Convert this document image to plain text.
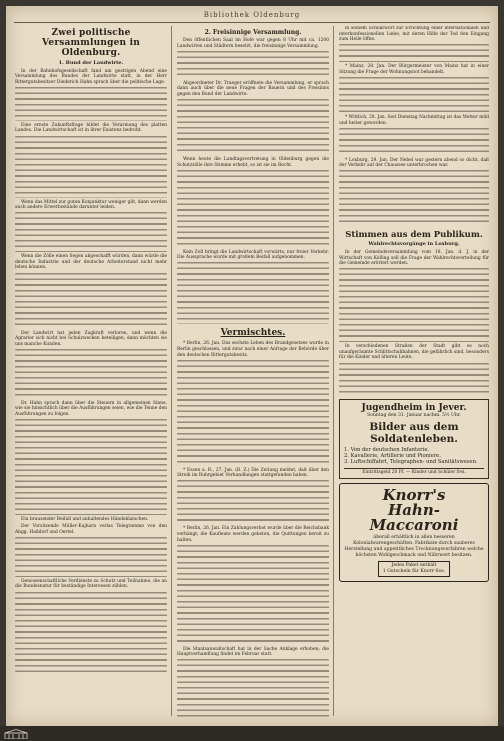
Bibliothek Oldenburg
Zwei politische Versammlungen in Oldenburg.
1. Bund der Landwirte.

In der Bahnhofsgesellschaft fand am gestrigen Abend eine Versammlung des Bundes der Landwirte statt, in der Herr Rittergutsbesitzer Diederich Hahn sprach über die politische Lage.

Eine ernste Zukunftsfrage bildet die Verarmung des platten Landes. Die Landwirtschaft ist in ihrer Existenz bedroht.

Wenn das Mittel zur guten Konjunktur weniger gilt, dann werden auch andere Erwerbsstände darunter leiden.

Wenn die Zölle einen Segen abgeschafft würden, dann würde die deutsche Industrie und der deutsche Arbeiterstand nicht mehr leben können.

Der Landwirt hat jeden Zugkraft verloren, und wenn die Agrarier sich nicht bei Schulzwecken beteiligen, dann möchten sie uns manche Kunden.

Dr. Hahn sprach dann über die Steuern in allgemeinen Sinne, wie sie hinsichtlich über die Ausführungen seien, wie die Tenne den Ausführungen zu folgen.

Ein brausender Beifall und anhaltendes Händeklatschen.

Der Vorsitzende Müller-Kajharn verlas Telegramme von den Abgg. Haßdorf und Oertel.

Genossenschaftliche Verdienste zu Schutz und Teilnahme, die an die Bundesnatur für beständige Interessen zählen.

2. Freisinnige Versammlung.

Den öffentlichen Saal im Hofe war gegen 8 Uhr mit ca. 1200 Landwirten und Städtern besetzt, die freisinnige Versammlung.

Abgeordneter Dr. Traeger eröffnete die Versammlung, er sprach dann auch über die neue Fragen der Bauern und des Freisinns gegen den Bund der Landwirte.

Wenn heute die Landtagsvertretung in Oldenburg gegen die Schutzzölle ihre Stimme erhebt, so ist sie im Recht.

Kein Zoll bringt die Landwirtschaft vorwärts, nur freier Verkehr. Die Aussprache wurde mit großem Beifall aufgenommen.

Vermischtes.

* Berlin, 26. Jan. Das sechste Leben des Brandgesetzes wurde in Berlin geschlossen, und zwar nach einer Anfrage der Behörde über den deutschen Rittergutsbesitz.

* Essen a. R., 27. Jan. (B. Z.) Die Zeitung meldet, daß über den Streik im Ruhrgebiet Verhandlungen stattgefunden haben.

* Berlin, 26. Jan. Ein Zahlungsverbot wurde über die Reichsbank verhängt; die Kaufleute werden gebeten, die Quittungen bereit zu halten.

Die Staatsanwaltschaft hat in der Sache Anklage erhoben; die Hauptverhandlung findet im Februar statt.

in seinem Schlußwort zur Errichtung einer internationalen und interkonfessionellen Liebe, mit deren Hilfe der Tod den Eingang zum Heile öffne.

* Mainz, 28. Jan. Der Bürgermeister von Mainz hat in einer Sitzung die Frage der Wohnungsnot behandelt.

* Wittlich, 28. Jan. Seit Dienstag Nachmittag ist das Wetter mild und heiter geworden.

* Loxburg, 29. Jan. Der Nebel war gestern abend so dicht, daß der Verkehr auf der Chaussee unterbrochen war.

Stimmen aus dem Publikum.
Wahlrechtsvorgänge in Loxburg.

In der Gemeindeversammlung vom 18. Jan. d. J. in der Wirtschaft von Kolling soll die Frage der Wahlrechtsverteilung für die Gemeinde erörtert werden.

In verschiedenen Straßen der Stadt gibt es noch unaufgeräumte Schlittschuhbahnen, die gefährlich sind, besonders für die Kinder und älteren Leute.

Jugendheim in Jever.
Sonntag den 31. Januar nachm. 5½ Uhr.
Bilder aus dem Soldatenleben.
1. Von der deutschen Infanterie.
2. Kavallerie, Artillerie und Pioniere.
3. Luftschiffahrt, Telegraphen- und Sanitätswesen.
Eintrittsgeld 20 Pf. — Kinder und Schüler frei.
Knorr's
Hahn-Maccaroni
überall erhältlich in allen besseren Kolonialwarengeschäften. Fabrikate durch sauberes Herstellung und appetitliches Trocknungsverfahren welche höchsten Wohlgeschmack und Nährwert besitzen.
Jedes Paket enthält
1 Gutschein für Knorr-Sos.
